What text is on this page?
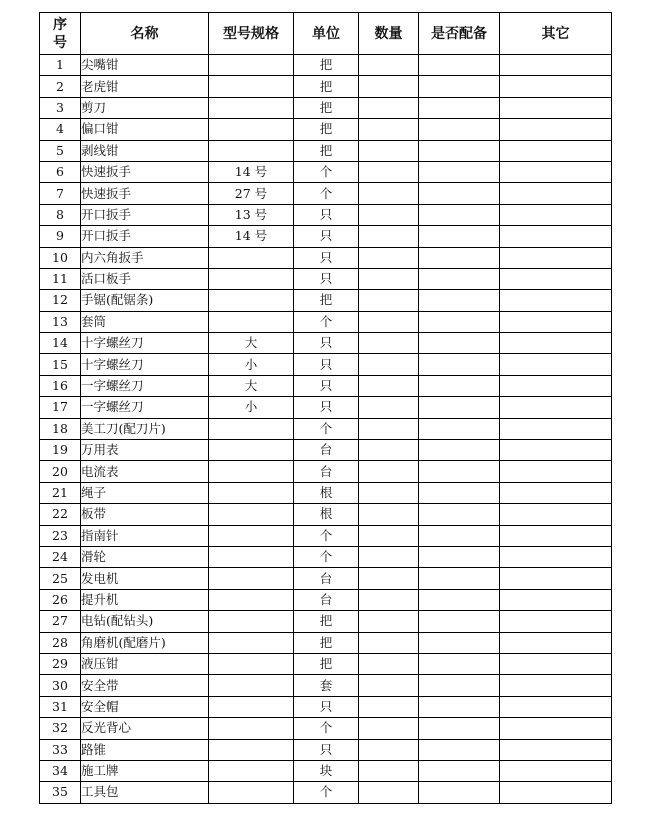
序
号	名称	型号规格	单位	数量	是否配备	其它
1	尖嘴钳		把			
2	老虎钳		把			
3	剪刀		把			
4	偏口钳		把			
5	剥线钳		把			
6	快速扳手	14 号	个			
7	快速扳手	27 号	个			
8	开口扳手	13 号	只			
9	开口扳手	14 号	只			
10	内六角扳手		只			
11	活口板手		只			
12	手锯(配锯条)		把			
13	套筒		个			
14	十字螺丝刀	大	只			
15	十字螺丝刀	小	只			
16	一字螺丝刀	大	只			
17	一字螺丝刀	小	只			
18	美工刀(配刀片)		个			
19	万用表		台			
20	电流表		台			
21	绳子		根			
22	板带		根			
23	指南针		个			
24	滑轮		个			
25	发电机		台			
26	提升机		台			
27	电钻(配钻头)		把			
28	角磨机(配磨片)		把			
29	液压钳		把			
30	安全带		套			
31	安全帽		只			
32	反光背心		个			
33	路锥		只			
34	施工牌		块			
35	工具包		个			
